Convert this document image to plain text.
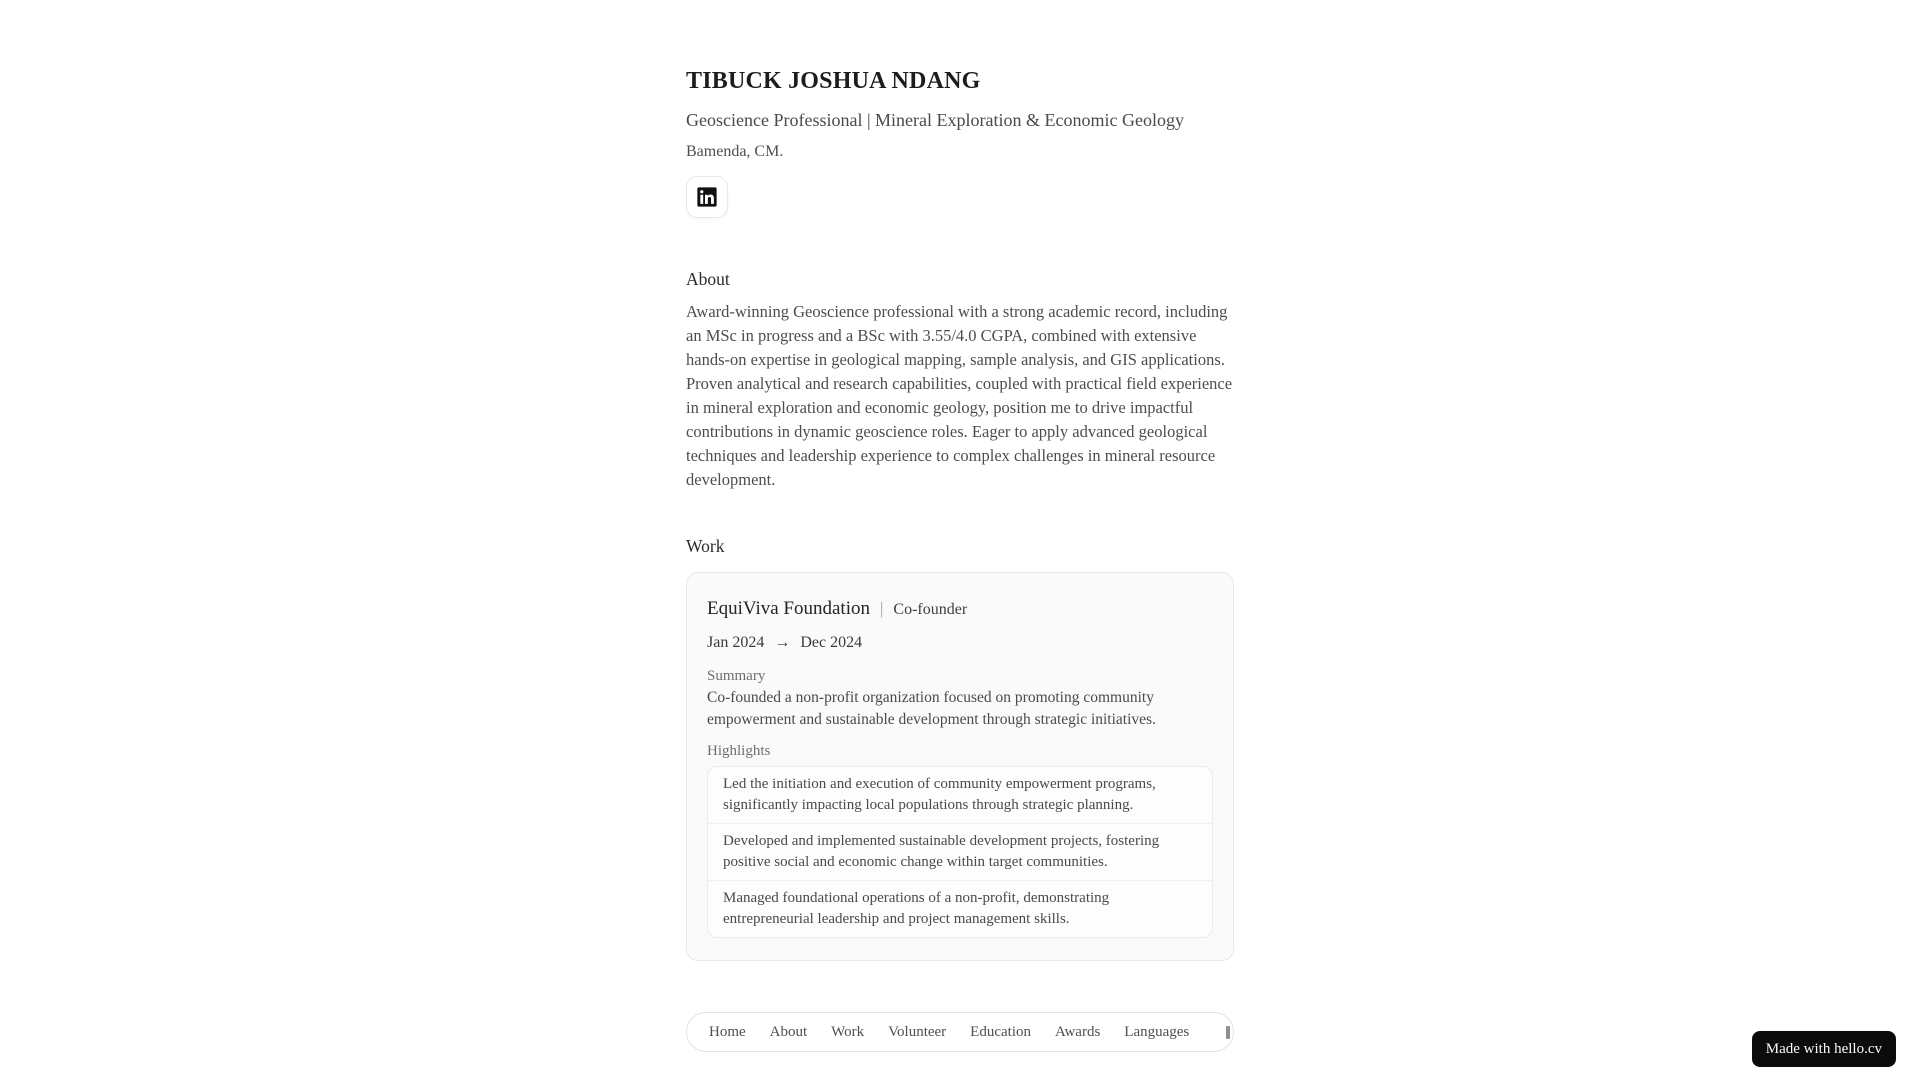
TIBUCK JOSHUA NDANG

Geoscience Professional | Mineral Exploration & Economic Geology

Bamenda, CM.

About

Award-winning Geoscience professional with a strong academic record, including an MSc in progress and a BSc with 3.55/4.0 CGPA, combined with extensive hands-on expertise in geological mapping, sample analysis, and GIS applications. Proven analytical and research capabilities, coupled with practical field experience in mineral exploration and economic geology, position me to drive impactful contributions in dynamic geoscience roles. Eager to apply advanced geological techniques and leadership experience to complex challenges in mineral resource development.

Work
EquiViva Foundation | Co-founder
Jan 2024 → Dec 2024
Summary

Co-founded a non-profit organization focused on promoting community empowerment and sustainable development through strategic initiatives.

Highlights
Led the initiation and execution of community empowerment programs, significantly impacting local populations through strategic planning.
Developed and implemented sustainable development projects, fostering positive social and economic change within target communities.
Managed foundational operations of a non-profit, demonstrating entrepreneurial leadership and project management skills.
Home About Work Volunteer Education Awards Languages
Made with hello.cv
